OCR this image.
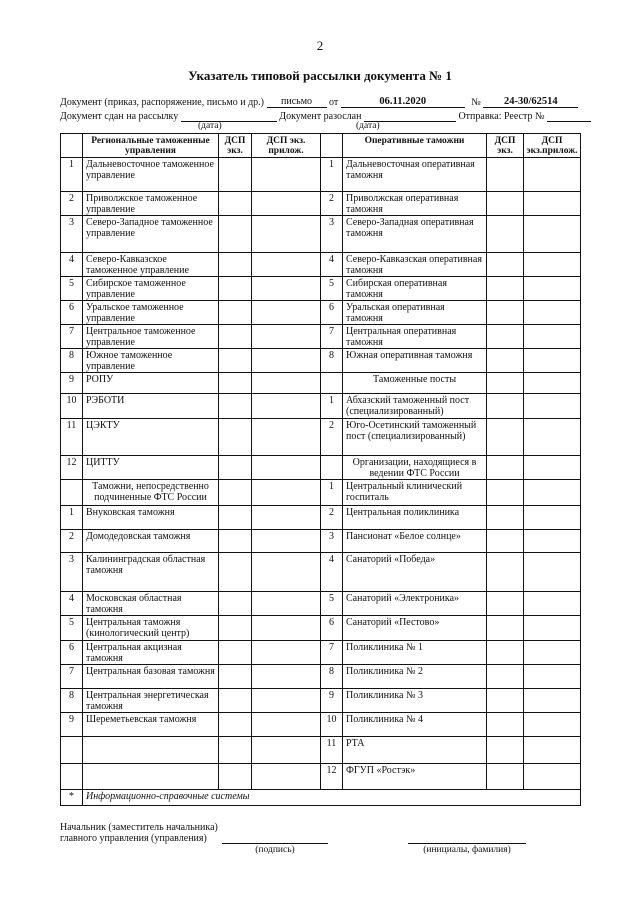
2
Указатель типовой рассылки документа № 1
Документ (приказ, распоряжение, письмо и др.) письмо от	06.11.2020	№ 24-30/62514
Документ сдан на рассылку	Документ разослан	Отправка: Реестр №
(дата)	(дата)
	Региональные таможенные управления	ДСП экз.	ДСП экз. прилож.		Оперативные таможни	ДСП экз.	ДСП экз.прилож.
1	Дальневосточное таможенное управление			1	Дальневосточная оперативная таможня		
2	Приволжское таможенное управление			2	Приволжская оперативная таможня		
3	Северо-Западное таможенное управление			3	Северо-Западная оперативная таможня		
4	Северо-Кавказское таможенное управление			4	Северо-Кавказская оперативная таможня		
5	Сибирское таможенное управление			5	Сибирская оперативная таможня		
6	Уральское таможенное управление			6	Уральская оперативная таможня		
7	Центральное таможенное управление			7	Центральная оперативная таможня		
8	Южное таможенное управление			8	Южная оперативная таможня		
9	РОПУ				Таможенные посты		
10	РЭБОТИ			1	Абхазский таможенный пост (специализированный)		
11	ЦЭКТУ			2	Юго-Осетинский таможенный пост (специализированный)		
12	ЦИТТУ				Организации, находящиеся в ведении ФТС России		
	Таможни, непосредственно подчиненные ФТС России			1	Центральный клинический госпиталь		
1	Внуковская таможня			2	Центральная поликлиника		
2	Домодедовская таможня			3	Пансионат «Белое солнце»		
3	Калининградская областная таможня			4	Санаторий «Победа»		
4	Московская областная таможня			5	Санаторий «Электроника»		
5	Центральная таможня (кинологический центр)			6	Санаторий «Пестово»		
6	Центральная акцизная таможня			7	Поликлиника № 1		
7	Центральная базовая таможня			8	Поликлиника № 2		
8	Центральная энергетическая таможня			9	Поликлиника № 3		
9	Шереметьевская таможня			10	Поликлиника № 4		
				11	РТА		
				12	ФГУП «Ростэк»		
*	Информационно-справочные системы						
Начальник (заместитель начальника)
главного управления (управления)
(подпись)	(инициалы, фамилия)
